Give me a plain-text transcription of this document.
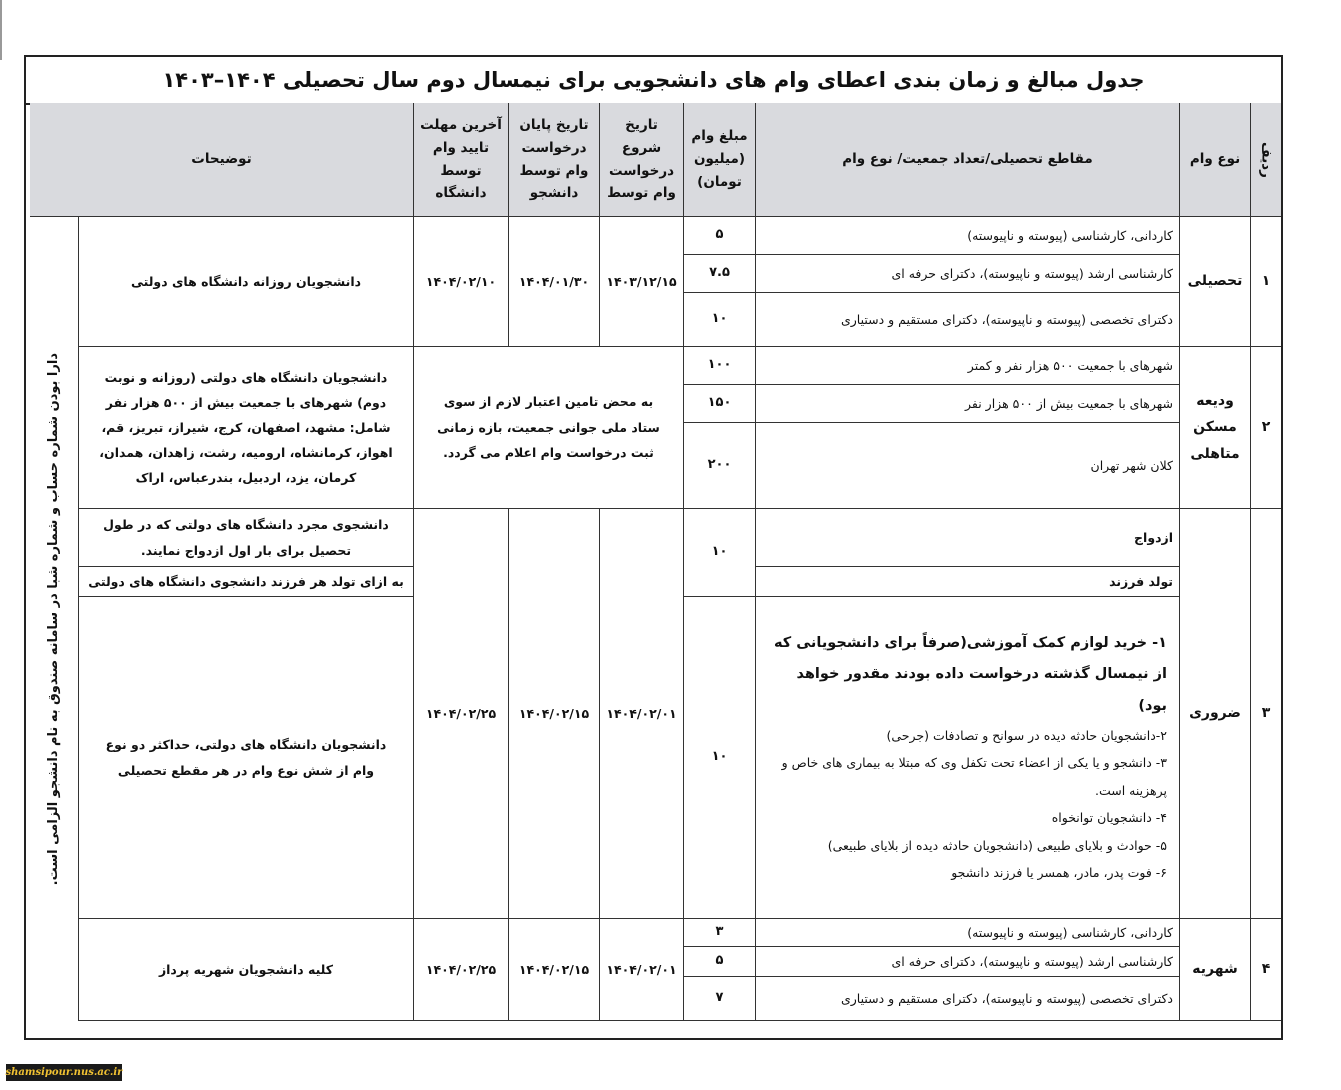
جدول مبالغ و زمان بندی اعطای وام های دانشجویی برای نیمسال دوم سال تحصیلی ۱۴۰۴–۱۴۰۳
ردیف
نوع وام
مقاطع تحصیلی/تعداد جمعیت/ نوع وام
مبلغ وام
(میلیون
تومان)
تاریخ
شروع
درخواست
وام توسط
تاریخ پایان
درخواست
وام توسط
دانشجو
آخرین مهلت
تایید وام
توسط دانشگاه
توضیحات
دارا بودن شماره حساب و شماره شبا در سامانه صندوق به نام دانشجو الزامی است.
۱
تحصیلی
کاردانی، کارشناسی (پیوسته و ناپیوسته)
۵
کارشناسی ارشد (پیوسته و ناپیوسته)، دکترای حرفه ای
۷.۵
دکترای تخصصی (پیوسته و ناپیوسته)، دکترای مستقیم و دستیاری
۱۰
۱۴۰۳/۱۲/۱۵
۱۴۰۴/۰۱/۳۰
۱۴۰۴/۰۲/۱۰
دانشجویان روزانه دانشگاه های دولتی
۲
ودیعه
مسکن
متاهلی
شهرهای با جمعیت ۵۰۰ هزار نفر و کمتر
۱۰۰
شهرهای با جمعیت بیش از ۵۰۰ هزار نفر
۱۵۰
کلان شهر تهران
۲۰۰
به محض تامین اعتبار لازم از سوی ستاد ملی جوانی جمعیت، بازه زمانی ثبت درخواست وام اعلام می گردد.
دانشجویان دانشگاه های دولتی (روزانه و نوبت دوم) شهرهای با جمعیت بیش از ۵۰۰ هزار نفر شامل: مشهد، اصفهان، کرج، شیراز، تبریز، قم، اهواز، کرمانشاه، ارومیه، رشت، زاهدان، همدان، کرمان، یزد، اردبیل، بندرعباس، اراک
۳
ضروری
ازدواج
تولد فرزند
۱۰
۱- خرید لوازم کمک آموزشی(صرفاً برای دانشجویانی که از نیمسال گذشته درخواست داده بودند مقدور خواهد بود)
۲-دانشجویان حادثه دیده در سوانح و تصادفات (جرحی)
۳- دانشجو و یا یکی از اعضاء تحت تکفل وی که مبتلا به بیماری های خاص و پرهزینه است.
۴- دانشجویان توانخواه
۵- حوادث و بلایای طبیعی (دانشجویان حادثه دیده از بلایای طبیعی)
۶- فوت پدر، مادر، همسر یا فرزند دانشجو
۱۰
۱۴۰۴/۰۲/۰۱
۱۴۰۴/۰۲/۱۵
۱۴۰۴/۰۲/۲۵
دانشجوی مجرد دانشگاه های دولتی که در طول تحصیل برای بار اول ازدواج نمایند.
به ازای تولد هر فرزند دانشجوی دانشگاه های دولتی
دانشجویان دانشگاه های دولتی، حداکثر دو نوع وام از شش نوع وام در هر مقطع تحصیلی
۴
شهریه
کاردانی، کارشناسی (پیوسته و ناپیوسته)
۳
کارشناسی ارشد (پیوسته و ناپیوسته)، دکترای حرفه ای
۵
دکترای تخصصی (پیوسته و ناپیوسته)، دکترای مستقیم و دستیاری
۷
۱۴۰۴/۰۲/۰۱
۱۴۰۴/۰۲/۱۵
۱۴۰۴/۰۲/۲۵
کلیه دانشجویان شهریه پرداز
shamsipour.nus.ac.ir
